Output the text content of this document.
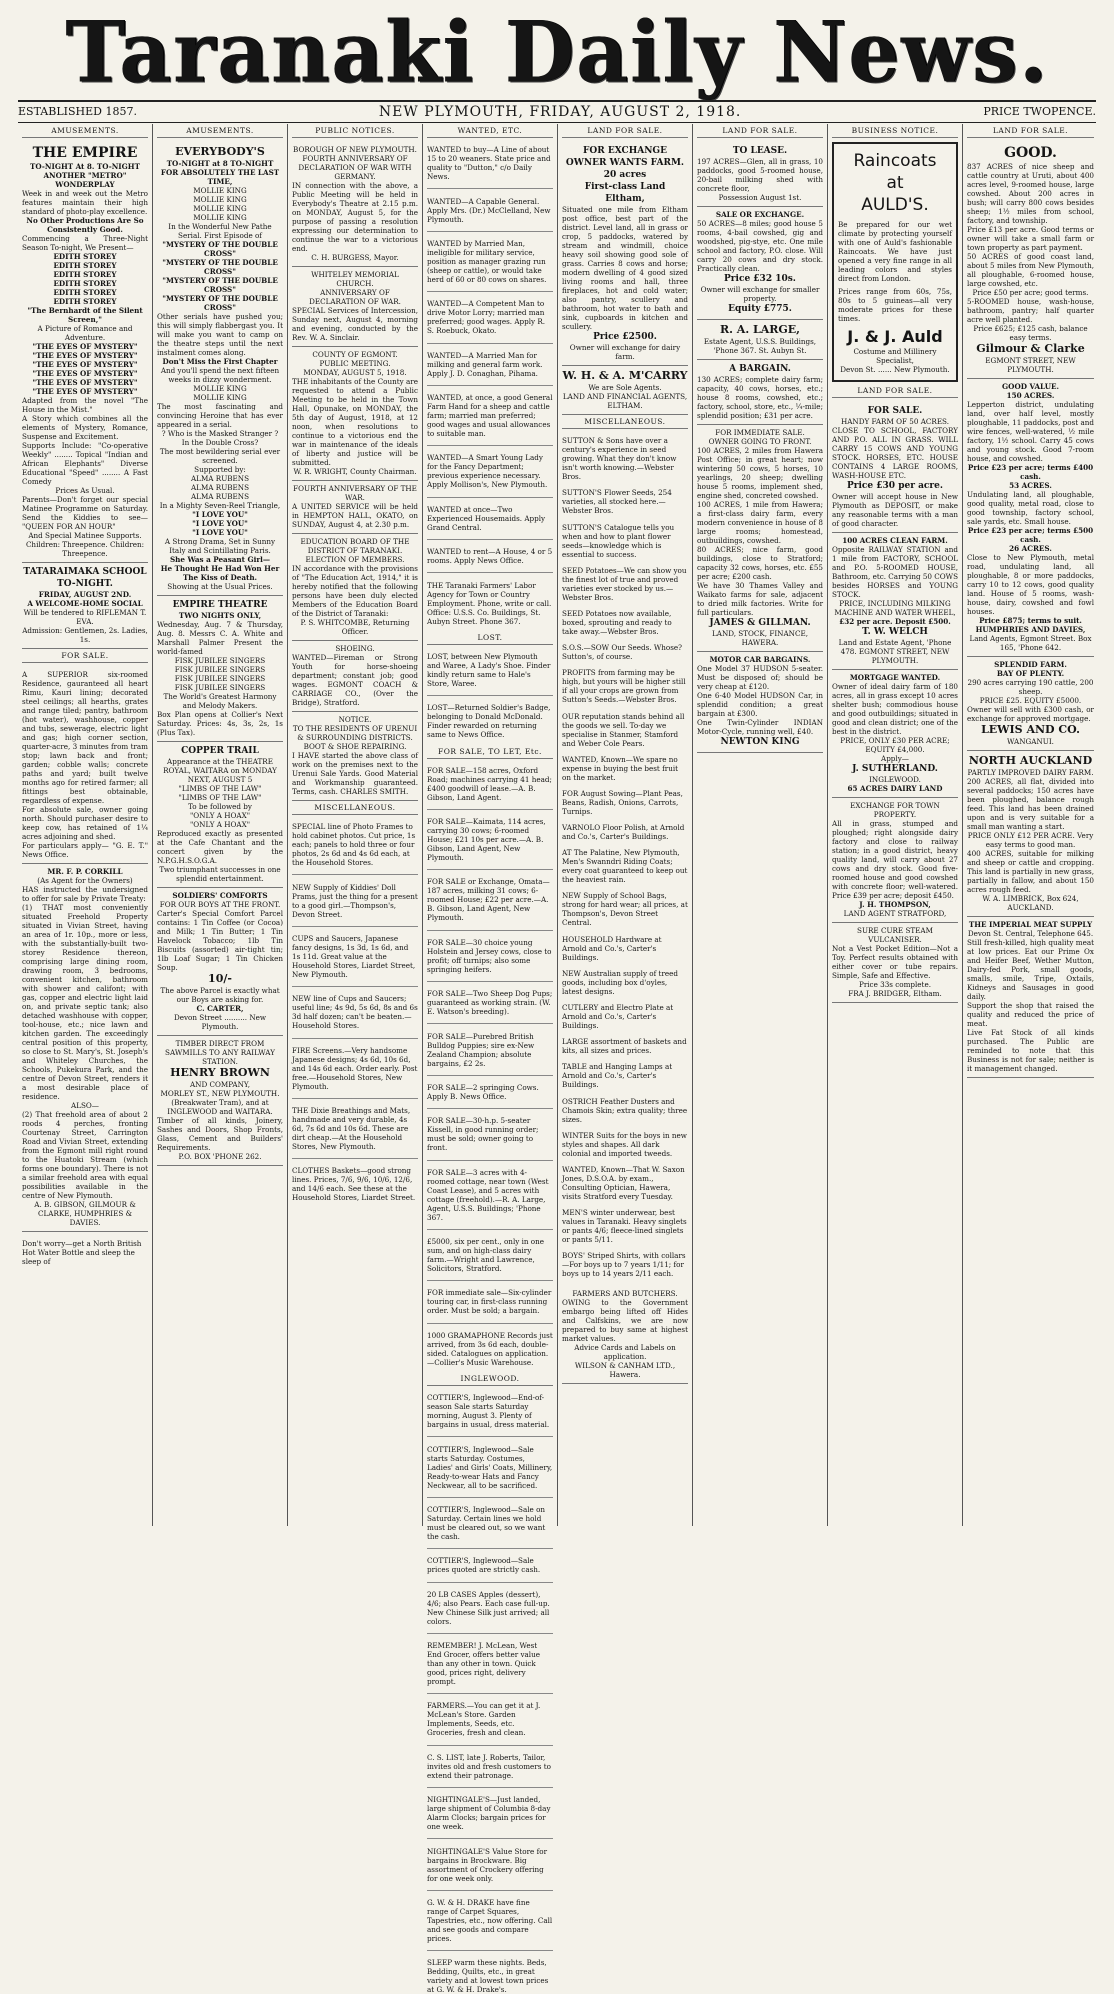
Taranaki Daily News.
ESTABLISHED 1857.	NEW PLYMOUTH, FRIDAY, AUGUST 2, 1918.	PRICE TWOPENCE.
AMUSEMENTS.
THE EMPIRE
TO-NIGHT At 8. TO-NIGHT
ANOTHER "METRO" WONDERPLAY

Week in and week out the Metro features maintain their high standard of photo-play excellence.

No Other Productions Are So Consistently Good.

Commencing a Three-Night Season To-night, We Present—

EDITH STOREY
EDITH STOREY
EDITH STOREY
EDITH STOREY
EDITH STOREY
EDITH STOREY
"The Bernhardt of the Silent Screen,"
A Picture of Romance and Adventure.
"THE EYES OF MYSTERY"
"THE EYES OF MYSTERY"
"THE EYES OF MYSTERY"
"THE EYES OF MYSTERY"
"THE EYES OF MYSTERY"
"THE EYES OF MYSTERY"

Adapted from the novel "The House in the Mist."

A Story which combines all the elements of Mystery, Romance, Suspense and Excitement.

Supports Include: "Co-operative Weekly" ........ Topical "Indian and African Elephants" Diverse Educational "Speed" ........ A Fast Comedy

Prices As Usual.

Parents—Don't forget our special Matinee Programme on Saturday. Send the Kiddies to see— "QUEEN FOR AN HOUR"

And Special Matinee Supports. Children: Threepence. Children: Threepence.
TATARAIMAKA SCHOOL
TO-NIGHT.
FRIDAY, AUGUST 2ND.
A WELCOME-HOME SOCIAL
Will be tendered to RIFLEMAN T. EVA.
Admission: Gentlemen, 2s. Ladies, 1s.
FOR SALE.

A SUPERIOR six-roomed Residence, gauranteed all heart Rimu, Kauri lining; decorated steel ceilings; all hearths, grates and range tiled; pantry, bathroom (hot water), washhouse, copper and tubs, sewerage, electric light and gas; high corner section, quarter-acre, 3 minutes from tram stop; lawn back and front; garden; cobble walls; concrete paths and yard; built twelve months ago for retired farmer; all fittings best obtainable, regardless of expense.

For absolute sale, owner going north. Should purchaser desire to keep cow, has retained of 1¼ acres adjoining and shed.

For particulars apply— "G. E. T." News Office.

MR. F. P. CORKILL
(As Agent for the Owners)

HAS instructed the undersigned to offer for sale by Private Treaty:

(1) THAT most conveniently situated Freehold Property situated in Vivian Street, having an area of 1r. 10p., more or less, with the substantially-built two-storey Residence thereon, comprising large dining room, drawing room, 3 bedrooms, convenient kitchen, bathroom with shower and califont; with gas, copper and electric light laid on, and private septic tank; also detached washhouse with copper, tool-house, etc.; nice lawn and kitchen garden. The exceedingly central position of this property, so close to St. Mary's, St. Joseph's and Whiteley Churches, the Schools, Pukekura Park, and the centre of Devon Street, renders it a most desirable place of residence.

ALSO—

(2) That freehold area of about 2 roods 4 perches, fronting Courtenay Street, Carrington Road and Vivian Street, extending from the Egmont mill right round to the Huatoki Stream (which forms one boundary). There is not a similar freehold area with equal possibilities available in the centre of New Plymouth.

A. B. GIBSON, GILMOUR & CLARKE, HUMPHRIES & DAVIES.

Don't worry—get a North British Hot Water Bottle and sleep the sleep of

AMUSEMENTS.
EVERYBODY'S
TO-NIGHT at 8 TO-NIGHT
FOR ABSOLUTELY THE LAST TIME,
MOLLIE KING
MOLLIE KING
MOLLIE KING
MOLLIE KING
In the Wonderful New Pathe Serial. First Episode of
"MYSTERY OF THE DOUBLE CROSS"
"MYSTERY OF THE DOUBLE CROSS"
"MYSTERY OF THE DOUBLE CROSS"
"MYSTERY OF THE DOUBLE CROSS"

Other serials have pushed you; this will simply flabbergast you. It will make you want to camp on the theatre steps until the next instalment comes along.

Don't Miss the First Chapter
And you'll spend the next fifteen weeks in dizzy wonderment.
MOLLIE KING
MOLLIE KING

The most fascinating and convincing Heroine that has ever appeared in a serial.

? Who is the Masked Stranger ? In the Double Cross?
The most bewildering serial ever screened.
Supported by:
ALMA RUBENS
ALMA RUBENS
ALMA RUBENS
In a Mighty Seven-Reel Triangle,
"I LOVE YOU"
"I LOVE YOU"
"I LOVE YOU"
A Strong Drama, Set in Sunny Italy and Scintillating Paris.
She Was a Peasant Girl—
He Thought He Had Won Her
The Kiss of Death.
Showing at the Usual Prices.
EMPIRE THEATRE
TWO NIGHTS ONLY,

Wednesday, Aug. 7 & Thursday, Aug. 8. Messrs C. A. White and Marshall Palmer Present the world-famed

FISK JUBILEE SINGERS
FISK JUBILEE SINGERS
FISK JUBILEE SINGERS
FISK JUBILEE SINGERS
The World's Greatest Harmony and Melody Makers.

Box Plan opens at Collier's Next Saturday. Prices: 4s, 3s, 2s, 1s (Plus Tax).

COPPER TRAIL
Appearance at the THEATRE ROYAL, WAITARA on MONDAY NEXT, AUGUST 5
"LIMBS OF THE LAW"
"LIMBS OF THE LAW"
To be followed by
"ONLY A HOAX"
"ONLY A HOAX"

Reproduced exactly as presented at the Cafe Chantant and the concert given by the N.P.G.H.S.O.G.A.

Two triumphant successes in one splendid entertainment.
SOLDIERS' COMFORTS
FOR OUR BOYS AT THE FRONT.

Carter's Special Comfort Parcel contains: 1 Tin Coffee (or Cocoa) and Milk; 1 Tin Butter; 1 Tin Havelock Tobacco; 1lb Tin Biscuits (assorted) air-tight tin; 1lb Loaf Sugar; 1 Tin Chicken Soup.

10/-
The above Parcel is exactly what our Boys are asking for.
C. CARTER,
Devon Street .......... New Plymouth.
TIMBER DIRECT FROM SAWMILLS TO ANY RAILWAY STATION.
HENRY BROWN
AND COMPANY,
MORLEY ST., NEW PLYMOUTH. (Breakwater Tram), and at INGLEWOOD and WAITARA.

Timber of all kinds, Joinery, Sashes and Doors, Shop Fronts, Glass, Cement and Builders' Requirements.

P.O. BOX 'PHONE 262.
PUBLIC NOTICES.
BOROUGH OF NEW PLYMOUTH.
FOURTH ANNIVERSARY OF DECLARATION OF WAR WITH GERMANY.

IN connection with the above, a Public Meeting will be held in Everybody's Theatre at 2.15 p.m. on MONDAY, August 5, for the purpose of passing a resolution expressing our determination to continue the war to a victorious end.

C. H. BURGESS, Mayor.
WHITELEY MEMORIAL CHURCH.
ANNIVERSARY OF DECLARATION OF WAR.

SPECIAL Services of Intercession, Sunday next, August 4, morning and evening, conducted by the Rev. W. A. Sinclair.

COUNTY OF EGMONT.
PUBLIC MEETING.
MONDAY, AUGUST 5, 1918.

THE inhabitants of the County are requested to attend a Public Meeting to be held in the Town Hall, Opunake, on MONDAY, the 5th day of August, 1918, at 12 noon, when resolutions to continue to a victorious end the war in maintenance of the ideals of liberty and justice will be submitted.

W. R. WRIGHT, County Chairman.
FOURTH ANNIVERSARY OF THE WAR.

A UNITED SERVICE will be held in HEMPTON HALL, OKATO, on SUNDAY, August 4, at 2.30 p.m.

EDUCATION BOARD OF THE DISTRICT OF TARANAKI.
ELECTION OF MEMBERS.

IN accordance with the provisions of "The Education Act, 1914," it is hereby notified that the following persons have been duly elected Members of the Education Board of the District of Taranaki:

P. S. WHITCOMBE, Returning Officer.
SHOEING.

WANTED—Fireman or Strong Youth for horse-shoeing department; constant job; good wages. EGMONT COACH & CARRIAGE CO., (Over the Bridge), Stratford.

NOTICE.
TO THE RESIDENTS OF URENUI & SURROUNDING DISTRICTS.
BOOT & SHOE REPAIRING.

I HAVE started the above class of work on the premises next to the Urenui Sale Yards. Good Material and Workmanship guaranteed. Terms, cash. CHARLES SMITH.

MISCELLANEOUS.

SPECIAL line of Photo Frames to hold cabinet photos. Cut price, 1s each; panels to hold three or four photos, 2s 6d and 4s 6d each, at the Household Stores.

NEW Supply of Kiddies' Doll Prams, just the thing for a present to a good girl.—Thompson's, Devon Street.

CUPS and Saucers, Japanese fancy designs, 1s 3d, 1s 6d, and 1s 11d. Great value at the Household Stores, Liardet Street, New Plymouth.

NEW line of Cups and Saucers; useful line; 4s 9d, 5s 6d, 8s and 6s 3d half dozen; can't be beaten.—Household Stores.

FIRE Screens.—Very handsome Japanese designs; 4s 6d, 10s 6d, and 14s 6d each. Order early. Post free.—Household Stores, New Plymouth.

THE Dixie Breathings and Mats, handmade and very durable, 4s 6d, 7s 6d and 10s 6d. These are dirt cheap.—At the Household Stores, New Plymouth.

CLOTHES Baskets—good strong lines. Prices, 7/6, 9/6, 10/6, 12/6, and 14/6 each. See these at the Household Stores, Liardet Street.

WANTED, ETC.

WANTED to buy—A Line of about 15 to 20 weaners. State price and quality to "Dutton," c/o Daily News.

WANTED—A Capable General. Apply Mrs. (Dr.) McClelland, New Plymouth.

WANTED by Married Man, ineligible for military service, position as manager grazing run (sheep or cattle), or would take herd of 60 or 80 cows on shares.

WANTED—A Competent Man to drive Motor Lorry; married man preferred; good wages. Apply R. S. Roebuck, Okato.

WANTED—A Married Man for milking and general farm work. Apply J. D. Conaghan, Pihama.

WANTED, at once, a good General Farm Hand for a sheep and cattle farm; married man preferred; good wages and usual allowances to suitable man.

WANTED—A Smart Young Lady for the Fancy Department; previous experience necessary. Apply Mollison's, New Plymouth.

WANTED at once—Two Experienced Housemaids. Apply Grand Central.

WANTED to rent—A House, 4 or 5 rooms. Apply News Office.

THE Taranaki Farmers' Labor Agency for Town or Country Employment. Phone, write or call. Office: U.S.S. Co. Buildings, St. Aubyn Street. Phone 367.

LOST.

LOST, between New Plymouth and Waree, A Lady's Shoe. Finder kindly return same to Hale's Store, Waree.

LOST—Returned Soldier's Badge, belonging to Donald McDonald. Finder rewarded on returning same to News Office.

FOR SALE, TO LET, Etc.

FOR SALE—158 acres, Oxford Road; machines carrying 41 head; £400 goodwill of lease.—A. B. Gibson, Land Agent.

FOR SALE—Kaimata, 114 acres, carrying 30 cows; 6-roomed House; £21 10s per acre.—A. B. Gibson, Land Agent, New Plymouth.

FOR SALE or Exchange, Omata—187 acres, milking 31 cows; 6-roomed House; £22 per acre.—A. B. Gibson, Land Agent, New Plymouth.

FOR SALE—30 choice young Holstein and Jersey cows, close to profit; off turnips; also some springing heifers.

FOR SALE—Two Sheep Dog Pups; guaranteed as working strain. (W. E. Watson's breeding).

FOR SALE—Purebred British Bulldog Puppies; sire ex-New Zealand Champion; absolute bargains, £2 2s.

FOR SALE—2 springing Cows. Apply B. News Office.

FOR SALE—30-h.p. 5-seater Kissell, in good running order; must be sold; owner going to front.

FOR SALE—3 acres with 4-roomed cottage, near town (West Coast Lease), and 5 acres with cottage (freehold).—R. A. Large, Agent, U.S.S. Buildings; 'Phone 367.

£5000, six per cent., only in one sum, and on high-class dairy farm.—Wright and Lawrence, Solicitors, Stratford.

FOR immediate sale—Six-cylinder touring car, in first-class running order. Must be sold; a bargain.

1000 GRAMAPHONE Records just arrived, from 3s 6d each, double-sided. Catalogues on application.—Collier's Music Warehouse.

INGLEWOOD.

COTTIER'S, Inglewood—End-of-season Sale starts Saturday morning, August 3. Plenty of bargains in usual, dress material.

COTTIER'S, Inglewood—Sale starts Saturday. Costumes, Ladies' and Girls' Coats, Millinery, Ready-to-wear Hats and Fancy Neckwear, all to be sacrificed.

COTTIER'S, Inglewood—Sale on Saturday. Certain lines we hold must be cleared out, so we want the cash.

COTTIER'S, Inglewood—Sale prices quoted are strictly cash.

20 LB CASES Apples (dessert), 4/6; also Pears. Each case full-up. New Chinese Silk just arrived; all colors.

REMEMBER! J. McLean, West End Grocer, offers better value than any other in town. Quick good, prices right, delivery prompt.

FARMERS.—You can get it at J. McLean's Store. Garden Implements, Seeds, etc. Groceries, fresh and clean.

C. S. LIST, late J. Roberts, Tailor, invites old and fresh customers to extend their patronage.

NIGHTINGALE'S—Just landed, large shipment of Columbia 8-day Alarm Clocks; bargain prices for one week.

NIGHTINGALE'S Value Store for bargains in Brockware. Big assortment of Crockery offering for one week only.

G. W. & H. DRAKE have fine range of Carpet Squares, Tapestries, etc., now offering. Call and see goods and compare prices.

SLEEP warm these nights. Beds, Bedding, Quilts, etc., in great variety and at lowest town prices at G. W. & H. Drake's.

LAND FOR SALE.
FOR EXCHANGE
OWNER WANTS FARM.
20 acres
First-class Land
Eltham,

Situated one mile from Eltham post office, best part of the district. Level land, all in grass or crop, 5 paddocks, watered by stream and windmill, choice heavy soil showing good sole of grass. Carries 8 cows and horse; modern dwelling of 4 good sized living rooms and hall, three fireplaces, hot and cold water; also pantry, scullery and bathroom, hot water to bath and sink, cupboards in kitchen and scullery.

Price £2500.
Owner will exchange for dairy farm.
W. H. & A. M'CARRY
We are Sole Agents.
LAND AND FINANCIAL AGENTS, ELTHAM.
MISCELLANEOUS.

SUTTON & Sons have over a century's experience in seed growing. What they don't know isn't worth knowing.—Webster Bros.

SUTTON'S Flower Seeds, 254 varieties, all stocked here.—Webster Bros.

SUTTON'S Catalogue tells you when and how to plant flower seeds—knowledge which is essential to success.

SEED Potatoes—We can show you the finest lot of true and proved varieties ever stocked by us.—Webster Bros.

SEED Potatoes now available, boxed, sprouting and ready to take away.—Webster Bros.

S.O.S.—SOW Our Seeds. Whose? Sutton's, of course.

PROFITS from farming may be high, but yours will be higher still if all your crops are grown from Sutton's Seeds.—Webster Bros.

OUR reputation stands behind all the goods we sell. To-day we specialise in Stanmer, Stamford and Weber Cole Pears.

WANTED, Known—We spare no expense in buying the best fruit on the market.

FOR August Sowing—Plant Peas, Beans, Radish, Onions, Carrots, Turnips.

VARNOLO Floor Polish, at Arnold and Co.'s, Carter's Buildings.

AT The Palatine, New Plymouth, Men's Swanndri Riding Coats; every coat guaranteed to keep out the heaviest rain.

NEW Supply of School Bags, strong for hard wear; all prices, at Thompson's, Devon Street Central.

HOUSEHOLD Hardware at Arnold and Co.'s, Carter's Buildings.

NEW Australian supply of treed goods, including box d'oyles, latest designs.

CUTLERY and Electro Plate at Arnold and Co.'s, Carter's Buildings.

LARGE assortment of baskets and kits, all sizes and prices.

TABLE and Hanging Lamps at Arnold and Co.'s, Carter's Buildings.

OSTRICH Feather Dusters and Chamois Skin; extra quality; three sizes.

WINTER Suits for the boys in new styles and shapes. All dark colonial and imported tweeds.

WANTED, Known—That W. Saxon Jones, D.S.O.A. by exam., Consulting Optician, Hawera, visits Stratford every Tuesday.

MEN'S winter underwear, best values in Taranaki. Heavy singlets or pants 4/6; fleece-lined singlets or pants 5/11.

BOYS' Striped Shirts, with collars—For boys up to 7 years 1/11; for boys up to 14 years 2/11 each.

FARMERS AND BUTCHERS.

OWING to the Government embargo being lifted off Hides and Calfskins, we are now prepared to buy same at highest market values.

Advice Cards and Labels on application.
WILSON & CANHAM LTD., Hawera.
LAND FOR SALE.
TO LEASE.

197 ACRES—Glen, all in grass, 10 paddocks, good 5-roomed house, 20-bail milking shed with concrete floor,

Possession August 1st.
SALE OR EXCHANGE.

50 ACRES—8 miles; good house 5 rooms, 4-bail cowshed, gig and woodshed, pig-stye, etc. One mile school and factory, P.O. close. Will carry 20 cows and dry stock. Practically clean.

Price £32 10s.
Owner will exchange for smaller property.
Equity £775.
R. A. LARGE,
Estate Agent, U.S.S. Buildings, 'Phone 367. St. Aubyn St.
A BARGAIN.

130 ACRES; complete dairy farm; capacity, 40 cows, horses, etc.; house 8 rooms, cowshed, etc.; factory, school, store, etc., ¼-mile; splendid position; £31 per acre.

FOR IMMEDIATE SALE.
OWNER GOING TO FRONT.

100 ACRES, 2 miles from Hawera Post Office; in great heart; now wintering 50 cows, 5 horses, 10 yearlings, 20 sheep; dwelling house 5 rooms, implement shed, engine shed, concreted cowshed.

100 ACRES, 1 mile from Hawera; a first-class dairy farm, every modern convenience in house of 8 large rooms; homestead, outbuildings, cowshed.

80 ACRES; nice farm, good buildings, close to Stratford; capacity 32 cows, horses, etc. £55 per acre; £200 cash.

We have 30 Thames Valley and Waikato farms for sale, adjacent to dried milk factories. Write for full particulars.

JAMES & GILLMAN.
LAND, STOCK, FINANCE, HAWERA.
MOTOR CAR BARGAINS.

One Model 37 HUDSON 5-seater. Must be disposed of; should be very cheap at £120.

One 6-40 Model HUDSON Car, in splendid condition; a great bargain at £300.

One Twin-Cylinder INDIAN Motor-Cycle, running well, £40.

NEWTON KING
BUSINESS NOTICE.
Raincoats
at
AULD'S.

Be prepared for our wet climate by protecting yourself with one of Auld's fashionable Raincoats. We have just opened a very fine range in all leading colors and styles direct from London.

Prices range from 60s, 75s, 80s to 5 guineas—all very moderate prices for these times.

J. & J. Auld
Costume and Millinery Specialist,
Devon St. ...... New Plymouth.
LAND FOR SALE.
FOR SALE.
HANDY FARM OF 50 ACRES.

CLOSE TO SCHOOL, FACTORY AND P.O. ALL IN GRASS. WILL CARRY 15 COWS AND YOUNG STOCK. HORSES, ETC. HOUSE CONTAINS 4 LARGE ROOMS, WASH-HOUSE ETC.

Price £30 per acre.

Owner will accept house in New Plymouth as DEPOSIT, or make any reasonable terms with a man of good character.

100 ACRES CLEAN FARM.

Opposite RAILWAY STATION and 1 mile from FACTORY, SCHOOL and P.O. 5-ROOMED HOUSE, Bathroom, etc. Carrying 50 COWS besides HORSES and YOUNG STOCK.

PRICE, INCLUDING MILKING MACHINE AND WATER WHEEL,
£32 per acre. Deposit £500.
T. W. WELCH
Land and Estate Agent, 'Phone 478. EGMONT STREET, NEW PLYMOUTH.
MORTGAGE WANTED.

Owner of ideal dairy farm of 180 acres, all in grass except 10 acres shelter bush; commodious house and good outbuildings; situated in good and clean district; one of the best in the district.

PRICE, ONLY £30 PER ACRE; EQUITY £4,000.
Apply—
J. SUTHERLAND.
INGLEWOOD.
65 ACRES DAIRY LAND
EXCHANGE FOR TOWN PROPERTY.

All in grass, stumped and ploughed; right alongside dairy factory and close to railway station; in a good district, heavy quality land, will carry about 27 cows and dry stock. Good five-roomed house and good cowshed with concrete floor; well-watered. Price £39 per acre; deposit £450.

J. H. THOMPSON,
LAND AGENT STRATFORD,
SURE CURE STEAM VULCANISER.

Not a Vest Pocket Edition—Not a Toy. Perfect results obtained with either cover or tube repairs. Simple, Safe and Effective.

Price 33s complete.
FRA J. BRIDGER, Eltham.
LAND FOR SALE.
GOOD.

837 ACRES of nice sheep and cattle country at Uruti, about 400 acres level, 9-roomed house, large cowshed. About 200 acres in bush; will carry 800 cows besides sheep; 1½ miles from school, factory, and township.

Price £13 per acre. Good terms or owner will take a small farm or town property as part payment.

50 ACRES of good coast land, about 5 miles from New Plymouth, all ploughable, 6-roomed house, large cowshed, etc.

Price £50 per acre; good terms.

5-ROOMED house, wash-house, bathroom, pantry; half quarter acre well planted.

Price £625; £125 cash, balance easy terms.
Gilmour & Clarke
EGMONT STREET, NEW PLYMOUTH.
GOOD VALUE.
150 ACRES.

Lepperton district, undulating land, over half level, mostly ploughable, 11 paddocks, post and wire fences, well-watered, ½ mile factory, 1½ school. Carry 45 cows and young stock. Good 7-room house, and cowshed.

Price £23 per acre; terms £400 cash.
53 ACRES.

Undulating land, all ploughable, good quality, metal road, close to good township, factory school, sale yards, etc. Small house.

Price £23 per acre; terms £500 cash.
26 ACRES.

Close to New Plymouth, metal road, undulating land, all ploughable, 8 or more paddocks, carry 10 to 12 cows, good quality land. House of 5 rooms, wash-house, dairy, cowshed and fowl houses.

Price £875; terms to suit.
HUMPHRIES AND DAVIES,
Land Agents, Egmont Street. Box 165, 'Phone 642.
SPLENDID FARM.
BAY OF PLENTY.
290 acres carrying 190 cattle, 200 sheep.
PRICE £25. EQUITY £5000.

Owner will sell with £300 cash, or exchange for approved mortgage.

LEWIS AND CO.
WANGANUI.
NORTH AUCKLAND
PARTLY IMPROVED DAIRY FARM.

200 ACRES, all flat, divided into several paddocks; 150 acres have been ploughed, balance rough feed. This land has been drained upon and is very suitable for a small man wanting a start.

PRICE ONLY £12 PER ACRE. Very easy terms to good man.

400 ACRES, suitable for milking and sheep or cattle and cropping. This land is partially in new grass, partially in fallow, and about 150 acres rough feed.

W. A. LIMBRICK, Box 624, AUCKLAND.
THE IMPERIAL MEAT SUPPLY
Devon St. Central, Telephone 645.

Still fresh-killed, high quality meat at low prices. Eat our Prime Ox and Heifer Beef, Wether Mutton, Dairy-fed Pork, small goods, smalls, smile, Tripe, Oxtails, Kidneys and Sausages in good daily.

Support the shop that raised the quality and reduced the price of meat.

Live Fat Stock of all kinds purchased. The Public are reminded to note that this Business is not for sale; neither is it management changed.
